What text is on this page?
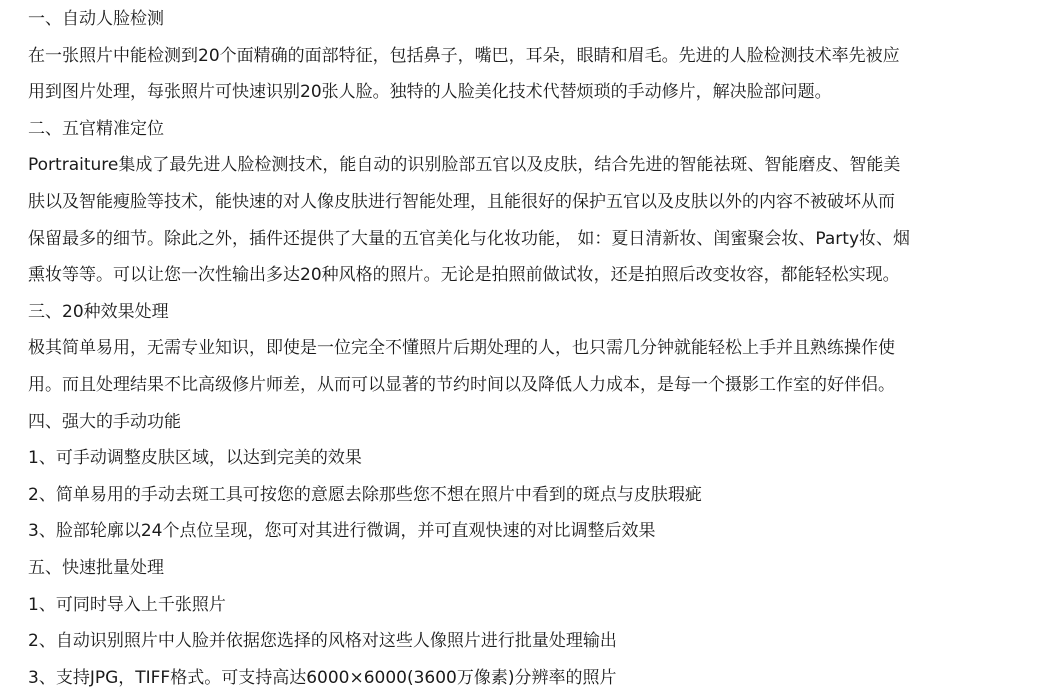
一、自动人脸检测

在一张照片中能检测到20个面精确的面部特征，包括鼻子，嘴巴，耳朵，眼睛和眉毛。先进的人脸检测技术率先被应

用到图片处理，每张照片可快速识别20张人脸。独特的人脸美化技术代替烦琐的手动修片，解决脸部问题。

二、五官精准定位

Portraiture集成了最先进人脸检测技术，能自动的识别脸部五官以及皮肤，结合先进的智能祛斑、智能磨皮、智能美

肤以及智能瘦脸等技术，能快速的对人像皮肤进行智能处理，且能很好的保护五官以及皮肤以外的内容不被破坏从而

保留最多的细节。除此之外，插件还提供了大量的五官美化与化妆功能， 如：夏日清新妆、闺蜜聚会妆、Party妆、烟

熏妆等等。可以让您一次性输出多达20种风格的照片。无论是拍照前做试妆，还是拍照后改变妆容，都能轻松实现。

三、20种效果处理

极其简单易用，无需专业知识，即使是一位完全不懂照片后期处理的人，也只需几分钟就能轻松上手并且熟练操作使

用。而且处理结果不比高级修片师差，从而可以显著的节约时间以及降低人力成本，是每一个摄影工作室的好伴侣。

四、强大的手动功能

1、可手动调整皮肤区域，以达到完美的效果

2、简单易用的手动去斑工具可按您的意愿去除那些您不想在照片中看到的斑点与皮肤瑕疵

3、脸部轮廓以24个点位呈现，您可对其进行微调，并可直观快速的对比调整后效果

五、快速批量处理

1、可同时导入上千张照片

2、自动识别照片中人脸并依据您选择的风格对这些人像照片进行批量处理输出

3、支持JPG，TIFF格式。可支持高达6000×6000(3600万像素)分辨率的照片
